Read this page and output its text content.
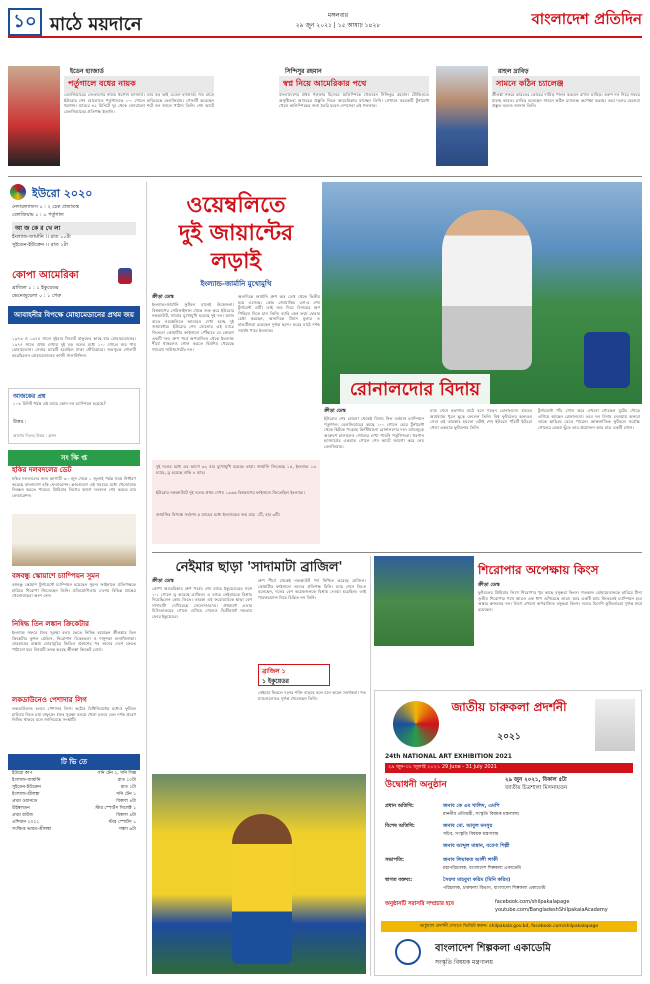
১০ মাঠে ময়দানে	মঙ্গলবার
২৯ জুন ২০২১ | ১৫ আষাঢ় ১৪২৮	বাংলাদেশ প্রতিদিন
ইডেন হ্যাজার্ড
পর্তুগালে বধের নায়ক
বেলজিয়ামের জেতানোর নায়ক থরগান হ্যাজার্ড। তার বড় ভাই এডেন হ্যাজার্ড। গত রাতে ইউরোর শেষ ষোলোতে পর্তুগালকে ১-০ গোলে হারিয়েছে বেলজিয়াম। গোলটি করেছেন থরগান। ম্যাচের ৪২ মিনিটে দূর থেকে জোরালো শটে বল জালে পাঠান তিনি। শেষ আটে বেলজিয়ামের প্রতিপক্ষ ইতালি।
সিন্দিসুর রহমান
স্বপ্ন নিয়ে আমেরিকার পথে
বাংলাদেশের প্রথম গলফার হিসেবে অলিম্পিকে খেলবেন সিদ্দিকুর রহমান। টোকিওতে অনুষ্ঠিতব্য আসরের প্রস্তুতি নিতে আমেরিকায় যাচ্ছেন তিনি। সেখানে কয়েকটি টুর্নামেন্ট খেলে অলিম্পিকের জন্য তৈরি হবেন দেশসেরা এই গলফার।
রাহুল দ্রাবিড়
সামনে কঠিন চ্যালেঞ্জ
শ্রীলঙ্কা সফরে ভারতের কোচের দায়িত্ব পালন করবেন রাহুল দ্রাবিড়। তরুণ দল নিয়ে সফরে যাচ্ছে ভারত। দ্রাবিড় বলেছেন সামনে কঠিন চ্যালেঞ্জ অপেক্ষা করছে। তবে দলের ছেলেরা প্রস্তুত বলেও জানান তিনি।
ইউরো ২০২০
নেদারল্যান্ডস ০ : ২ চেক প্রজাতন্ত্র
বেলজিয়াম ১ : ০ পর্তুগাল
আ জ কে র খে লা
ইংল্যান্ড-জার্মানি ।। রাত ১০টা
সুইডেন-ইউক্রেন ।। রাত ১টা
কোপা আমেরিকা
ব্রাজিল ১ : ১ ইকুয়েডর
ভেনেজুয়েলা ০ : ১ পেরু
আবাহনীর বিপক্ষে মোহামেডানের প্রথম জয়
১৯৭৩ ও ১৯৭৪ সালে দুইবার সিলেট বাফুফের কাছে হার মোহামেডানের। ১৯৭৭ সালে প্রথম দেখায় দুই বড় দলের মধ্যে ১-০ গোলে জয় পায় মোহামেডান। সেবার ম্যাচটি হয়েছিল ঢাকা স্টেডিয়ামে। জয়সূচক গোলটি করেছিলেন মোহামেডানের কাজী সালাউদ্দিন।
আজকের প্রশ্ন
১০৮ মিনিট পর্যন্ত এই ম্যাচে কোন দল চ্যাম্পিয়ন হয়েছে?
উত্তর :
আগের দিনের উত্তর : ফ্রান্স
সং ক্ষি প্ত
হকির দলবদলের ডেট
হকির দলবদলের জন্য আগামী ৩০ জুন থেকে ১ জুলাই পর্যন্ত সময় নির্ধারণ করেছে বাংলাদেশ হকি ফেডারেশন। ক্লাবগুলো এই সময়ের মধ্যে খেলোয়াড় নিবন্ধন করতে পারবে। প্রিমিয়ার লিগের আগে দলবদল শেষ করতে চায় ফেডারেশন।
বঙ্গবন্ধু স্কোয়াশে চ্যাম্পিয়ন সুমন
বঙ্গবন্ধু স্কোয়াশ টুর্নামেন্টে চ্যাম্পিয়ন হয়েছেন সুমন। ফাইনালে প্রতিপক্ষকে হারিয়ে শিরোপা জিতেছেন তিনি। প্রতিযোগিতায় দেশের বিভিন্ন প্রান্তের খেলোয়াড়রা অংশ নেন।
নিষিদ্ধ তিন লঙ্কান ক্রিকেটার
ইংল্যান্ড সফরে জৈব সুরক্ষা বলয় ভেঙে নিষিদ্ধ হয়েছেন শ্রীলঙ্কার তিন ক্রিকেটার কুশল মেন্ডিস, নিরোশান ডিকভেলা ও দানুশকা গুনাথিলাকা। ডারহামের রাস্তায় ঘোরাঘুরির ভিডিও প্রকাশের পর তাদের দেশে ফেরত পাঠানো হয়। বিষয়টি তদন্ত করছে শ্রীলঙ্কা ক্রিকেট বোর্ড।
লকডাউনেও পেশাদার লিগ
লকডাউনেও চলবে পেশাদার লিগ। কঠোর বিধিনিষেধের মধ্যেও ফুটবল চালিয়ে নিতে চায় বাফুফে। জৈব সুরক্ষা বলয়ে খেলা চলবে এবং দর্শক প্রবেশ নিষিদ্ধ থাকবে বলে জানিয়েছে সংস্থাটি।
টি ভি তে
ইউরো কাপ	সনি টেন ২, সনি সিক্স
ইংল্যান্ড-জার্মানি	রাত ১০টা
সুইডেন-ইউক্রেন	রাত ১টা
ইংল্যান্ড-শ্রীলঙ্কা	সনি টেন ১
প্রথম ওয়ানডে	বিকাল ৪টা
উইম্বলডন	স্টার স্পোর্টস সিলেক্ট ১
প্রথম রাউন্ড	বিকাল ৪টা
এশিয়ান ২০২১	স্টার স্পোর্টস ১
সংক্ষিপ্ত ভারত-শ্রীলঙ্কা	সন্ধ্যা ৬টা
ওয়েম্বলিতে
দুই জায়ান্টের
লড়াই
ইংল্যান্ড-জার্মানি মুখোমুখি
ক্রীড়া ডেস্ক
ইংল্যান্ড-জার্মানি ফুটবল মানেই উত্তেজনা। বিশ্বকাপের সেমিফাইনাল থেকে শুরু করে ইউরোর নকআউট, বহুবার মুখোমুখি হয়েছে দুই দল। আজ রাতে ওয়েম্বলিতে আবারও দেখা হচ্ছে দুই জায়ান্টের। ইউরোর শেষ ষোলোর এই ম্যাচে জিতলে কোয়ার্টার ফাইনালে পৌঁছাবে যে কোনো একটি দল। গ্রুপ পর্বে অপরাজিত থেকে ইংল্যান্ড শীর্ষে থাকলেও গোল করতে হিমশিম খেয়েছে গ্যারেথ সাউথগেটের দল।
অন্যদিকে জার্মানি গ্রুপ অব ডেথ থেকে দ্বিতীয় হয়ে এসেছে। কোচ জোয়াকিম লো-র শেষ টুর্নামেন্ট এটি। তাই জয় দিয়ে বিদায়ের ক্ষণ পিছিয়ে দিতে চান তিনি। হ্যারি কেন ফর্মে ফেরার চেষ্টা করছেন, অন্যদিকে টমাস মুলার ও হাভার্টজরা রয়েছেন দুর্দান্ত ছন্দে। ঘরের মাঠে দর্শক সমর্থন পাবে ইংল্যান্ড।
রোনালদোর বিদায়
ক্রীড়া ডেস্ক
ইউরোর শেষ ষোলো থেকেই বিদায় নিল বর্তমান চ্যাম্পিয়ন পর্তুগাল। বেলজিয়ামের কাছে ১-০ গোলে হেরে টুর্নামেন্ট থেকে ছিটকে পড়েছে ক্রিস্টিয়ানো রোনালদোর দল। ম্যাচজুড়ে আক্রমণ চালালেও গোলের দেখা পায়নি পর্তুগিজরা। থরগান হ্যাজার্ডের একমাত্র গোলে শেষ আটে জায়গা করে নেয় বেলজিয়াম।
ম্যাচ শেষে হতাশায় মাঠে বসে পড়েন রোনালদো। হাতের আর্মব্যান্ড খুলে ছুড়ে ফেলেন তিনি। বিশ্ব ফুটবলের অন্যতম সেরা এই তারকার হয়তো এটাই শেষ ইউরো। পাঁচটি ইউরো খেলা একমাত্র ফুটবলার তিনি।
টুর্নামেন্টে পাঁচ গোল করে এখনো গোল্ডেন বুটের দৌড়ে এগিয়ে আছেন রোনালদো। তবে দল বিদায় নেওয়ায় অন্যরা তাকে ছাড়িয়ে যেতে পারেন। আন্তর্জাতিক ফুটবলে সর্বোচ্চ গোলের রেকর্ড ছুঁতে তার প্রয়োজন আর মাত্র একটি গোল।
দুই দলের মধ্যে এর আগে ৩২ বার মুখোমুখি হয়েছে তারা। জার্মানি জিতেছে ১৫, ইংল্যান্ড ১৩ ম্যাচে, ড্র হয়েছে বাকি ৪ ম্যাচ।
ইউরোর নকআউটে দুই দলের প্রথম দেখা। ১৯৬৬ বিশ্বকাপের ফাইনালে জিতেছিল ইংল্যান্ড।
জার্মানির বিপক্ষে সর্বশেষ ৫ ম্যাচের মধ্যে ইংল্যান্ডের জয় মাত্র ১টি, হার ৩টি।
নেইমার ছাড়া 'সাদামাটা ব্রাজিল'
ক্রীড়া ডেস্ক
কোপা আমেরিকার গ্রুপ পর্বের শেষ ম্যাচে ইকুয়েডরের সঙ্গে ১-১ গোলে ড্র করেছে ব্রাজিল। এ ম্যাচে নেইমারকে বিশ্রাম দিয়েছিলেন কোচ তিতে। তারকা এই ফরোয়ার্ডকে ছাড়া বেশ সাদামাটা দেখিয়েছে সেলেসাওদের। প্রথমার্ধে এডার মিলিতাওয়ের গোলে এগিয়ে গেলেও দ্বিতীয়ার্ধে সমতায় ফেরে ইকুয়েডর।
গ্রুপ শীর্ষে থেকেই নকআউট পর্ব নিশ্চিত করেছে ব্রাজিল। কোয়ার্টার ফাইনালে তাদের প্রতিপক্ষ চিলি। ম্যাচ শেষে তিতে বলেছেন, দলের বেশ কয়েকজনকে বিশ্রাম দেওয়া হয়েছিল। তাই পারফরম্যান্স নিয়ে চিন্তিত নন তিনি।
ব্রাজিল ১
১ ইকুয়েডর
নেইমার ফিরলে দলের শক্তি বাড়বে বলে মনে করেন সমর্থকরা। গত ম্যাচগুলোতে দুর্দান্ত খেলেছেন তিনি।
শিরোপার অপেক্ষায় কিংস
ক্রীড়া ডেস্ক
ফুটবলের প্রিমিয়ার লিগে শিরোপার খুব কাছে বসুন্ধরা কিংস। গতকাল মোহামেডানকে হারিয়ে টানা তৃতীয় শিরোপার পথে আরও এক ধাপ এগিয়েছে তারা। আর একটি ম্যাচ জিতলেই চ্যাম্পিয়ন হবে অস্কার ব্রুজনের দল। লিগে এখনো অপরাজিত বসুন্ধরা কিংস। দলের বিদেশি ফুটবলাররা দুর্দান্ত ফর্মে রয়েছেন।
জাতীয় চারুকলা প্রদর্শনী
২০২১
24th NATIONAL ART EXHIBITION 2021
২৯ জুন-৩১ জুলাই ২০২১ 29 June - 31 July 2021
উদ্বোধনী অনুষ্ঠান	২৯ জুন ২০২১, বিকাল ৫টা
জাতীয় চিত্রশালা মিলনায়তন
প্রধান অতিথি:	জনাব কে এম খালিদ, এমপি
মাননীয় প্রতিমন্ত্রী, সংস্কৃতি বিষয়ক মন্ত্রণালয়
বিশেষ অতিথি:	জনাব মো. আবুল মনসুর
সচিব, সংস্কৃতি বিষয়ক মন্ত্রণালয়
জনাব আব্দুল মান্নান, বরেণ্য শিল্পী
সভাপতি:	জনাব লিয়াকত আলী লাকী
মহাপরিচালক, বাংলাদেশ শিল্পকলা একাডেমি
স্বাগত বক্তব্য:	সৈয়দা মাহবুবা করিম (মিনি করিম)
পরিচালক, চারুকলা বিভাগ, বাংলাদেশ শিল্পকলা একাডেমি
অনুষ্ঠানটি সরাসরি সম্প্রচার হবে	facebook.com/shilpakalapage
youtube.com/BangladeshShilpakalaAcademy
ভার্চুয়াল প্রদর্শনী দেখতে ভিজিট করুন: shilpakala.gov.bd, facebook.com/shilpakalapage
বাংলাদেশ শিল্পকলা একাডেমি
সংস্কৃতি বিষয়ক মন্ত্রণালয়
